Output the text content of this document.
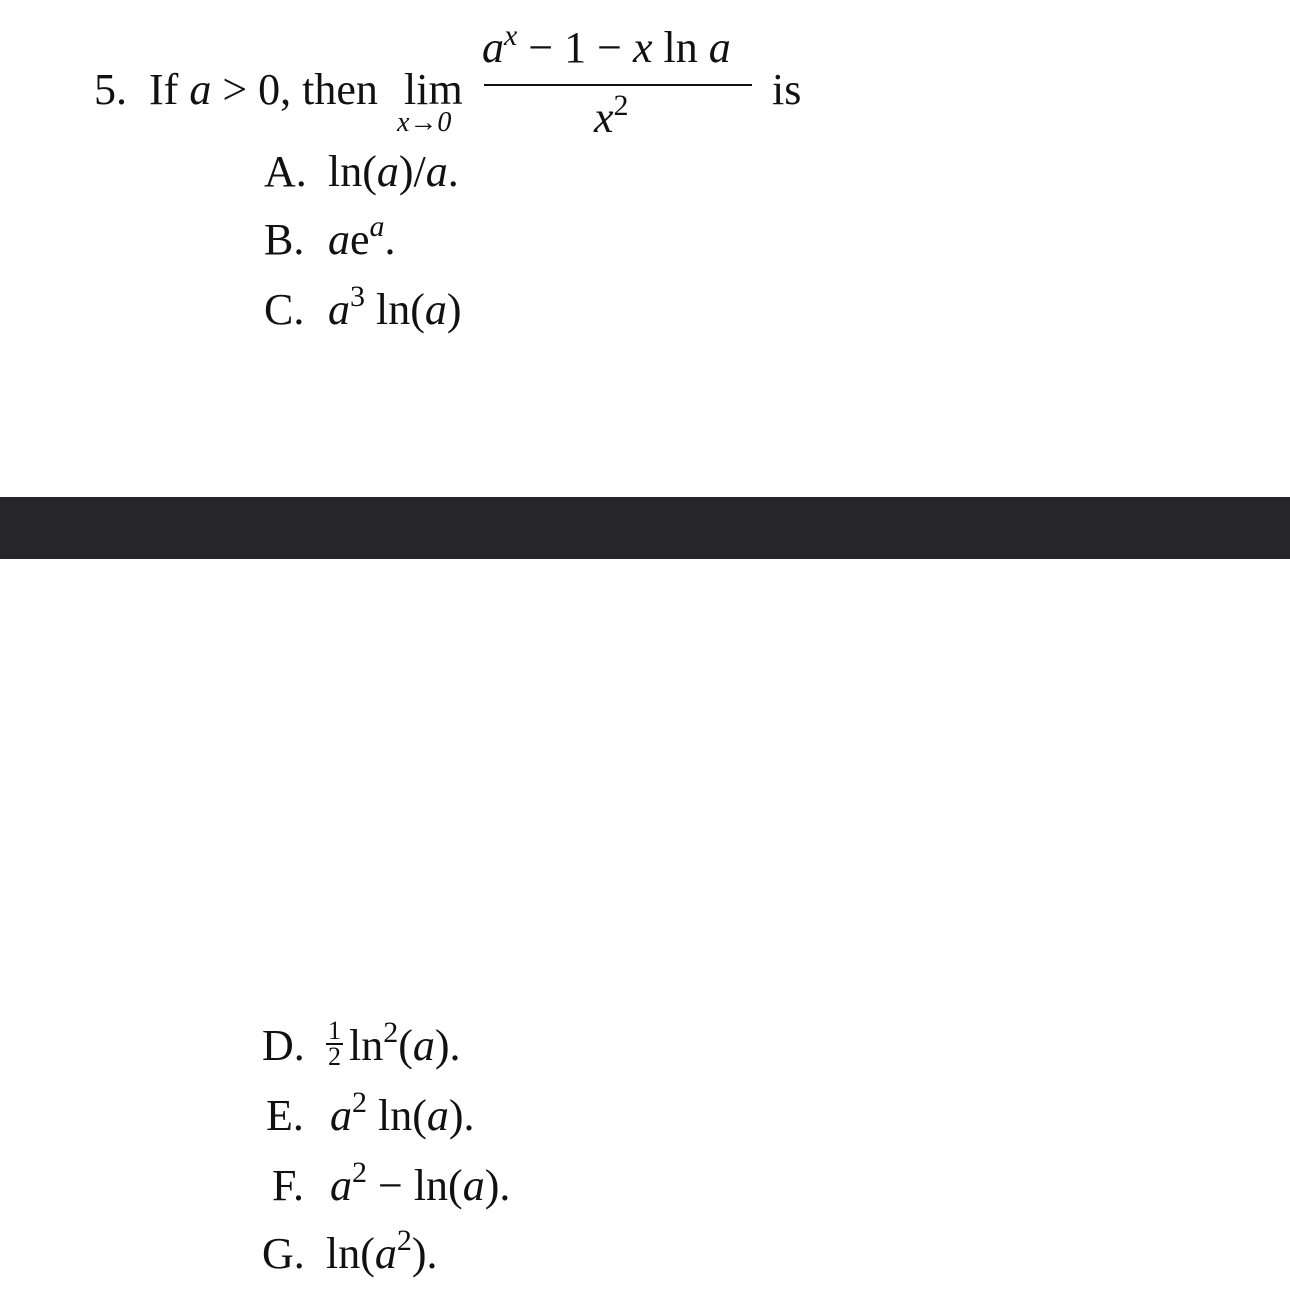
5. If a > 0, then lim
x→0
$a^x - 1 - x$ ln a
$x^2$	is
A. ln(a)/a.
B. $ae^a$.
C. $a^3$ ln(a)
D. $\frac{1}{2} \ln^2(a)$.
E. $a^2$ ln(a).
F. $a^2 - \ln(a)$.
G. $\ln(a^2)$.
